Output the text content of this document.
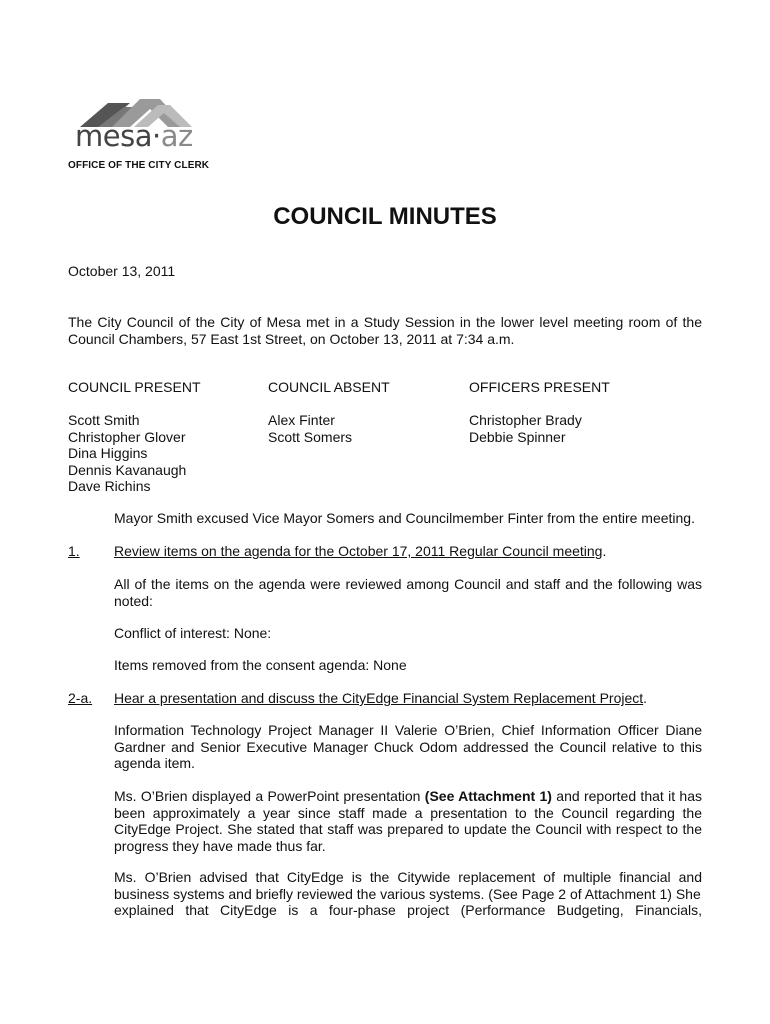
mesa·az
OFFICE OF THE CITY CLERK
COUNCIL MINUTES
October 13, 2011
The City Council of the City of Mesa met in a Study Session in the lower level meeting room of the Council Chambers, 57 East 1st Street, on October 13, 2011 at 7:34 a.m.
COUNCIL PRESENT	COUNCIL ABSENT	OFFICERS PRESENT
Scott Smith
Christopher Glover
Dina Higgins
Dennis Kavanaugh
Dave Richins
Alex Finter
Scott Somers
Christopher Brady
Debbie Spinner
Mayor Smith excused Vice Mayor Somers and Councilmember Finter from the entire meeting.
1. Review items on the agenda for the October 17, 2011 Regular Council meeting.
All of the items on the agenda were reviewed among Council and staff and the following was noted:
Conflict of interest: None:
Items removed from the consent agenda: None
2-a. Hear a presentation and discuss the CityEdge Financial System Replacement Project.
Information Technology Project Manager II Valerie O’Brien, Chief Information Officer Diane Gardner and Senior Executive Manager Chuck Odom addressed the Council relative to this agenda item.
Ms. O’Brien displayed a PowerPoint presentation (See Attachment 1) and reported that it has been approximately a year since staff made a presentation to the Council regarding the CityEdge Project. She stated that staff was prepared to update the Council with respect to the progress they have made thus far.
Ms. O’Brien advised that CityEdge is the Citywide replacement of multiple financial and business systems and briefly reviewed the various systems. (See Page 2 of Attachment 1) She
explained that CityEdge is a four-phase project (Performance Budgeting, Financials,
